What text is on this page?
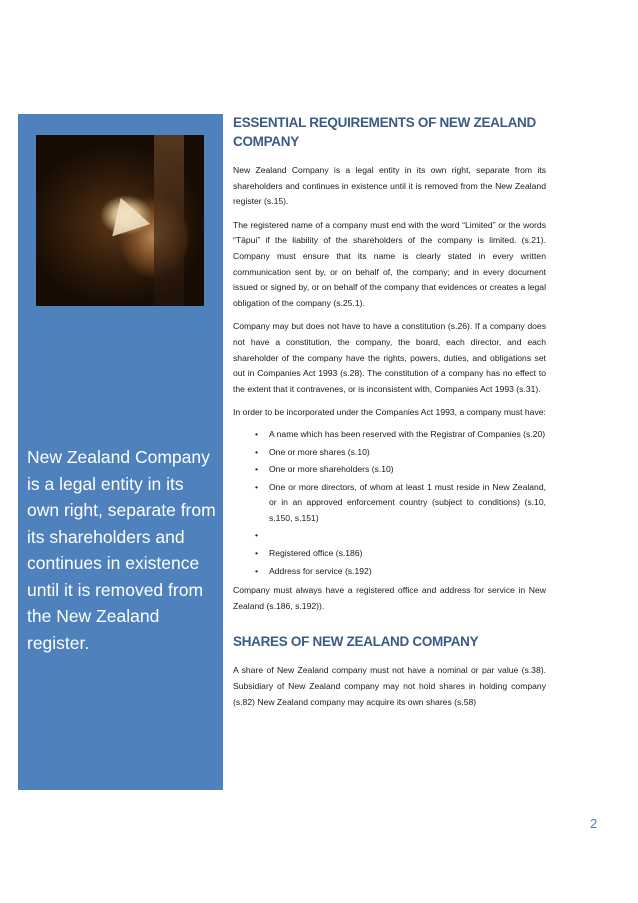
New Zealand Company is a legal entity in its own right, separate from its shareholders and continues in existence until it is removed from the New Zealand register.
ESSENTIAL REQUIREMENTS OF NEW ZEALAND COMPANY

New Zealand Company is a legal entity in its own right, separate from its shareholders and continues in existence until it is removed from the New Zealand register (s.15).

The registered name of a company must end with the word “Limited” or the words “Tāpui” if the liability of the shareholders of the company is limited. (s.21). Company must ensure that its name is clearly stated in every written communication sent by, or on behalf of, the company; and in every document issued or signed by, or on behalf of the company that evidences or creates a legal obligation of the company (s.25.1).

Company may but does not have to have a constitution (s.26). If a company does not have a constitution, the company, the board, each director, and each shareholder of the company have the rights, powers, duties, and obligations set out in Companies Act 1993 (s.28). The constitution of a company has no effect to the extent that it contravenes, or is inconsistent with, Companies Act 1993 (s.31).

In order to be incorporated under the Companies Act 1993, a company must have:

• A name which has been reserved with the Registrar of Companies (s.20)
• One or more shares (s.10)
• One or more shareholders (s.10)
• One or more directors, of whom at least 1 must reside in New Zealand, or in an approved enforcement country (subject to conditions) (s.10, s.150, s.151)
•
• Registered office (s.186)
• Address for service (s.192)

Company must always have a registered office and address for service in New Zealand (s.186, s.192)).

SHARES OF NEW ZEALAND COMPANY

A share of New Zealand company must not have a nominal or par value (s.38). Subsidiary of New Zealand company may not hold shares in holding company (s.82) New Zealand company may acquire its own shares (s.58)

2
